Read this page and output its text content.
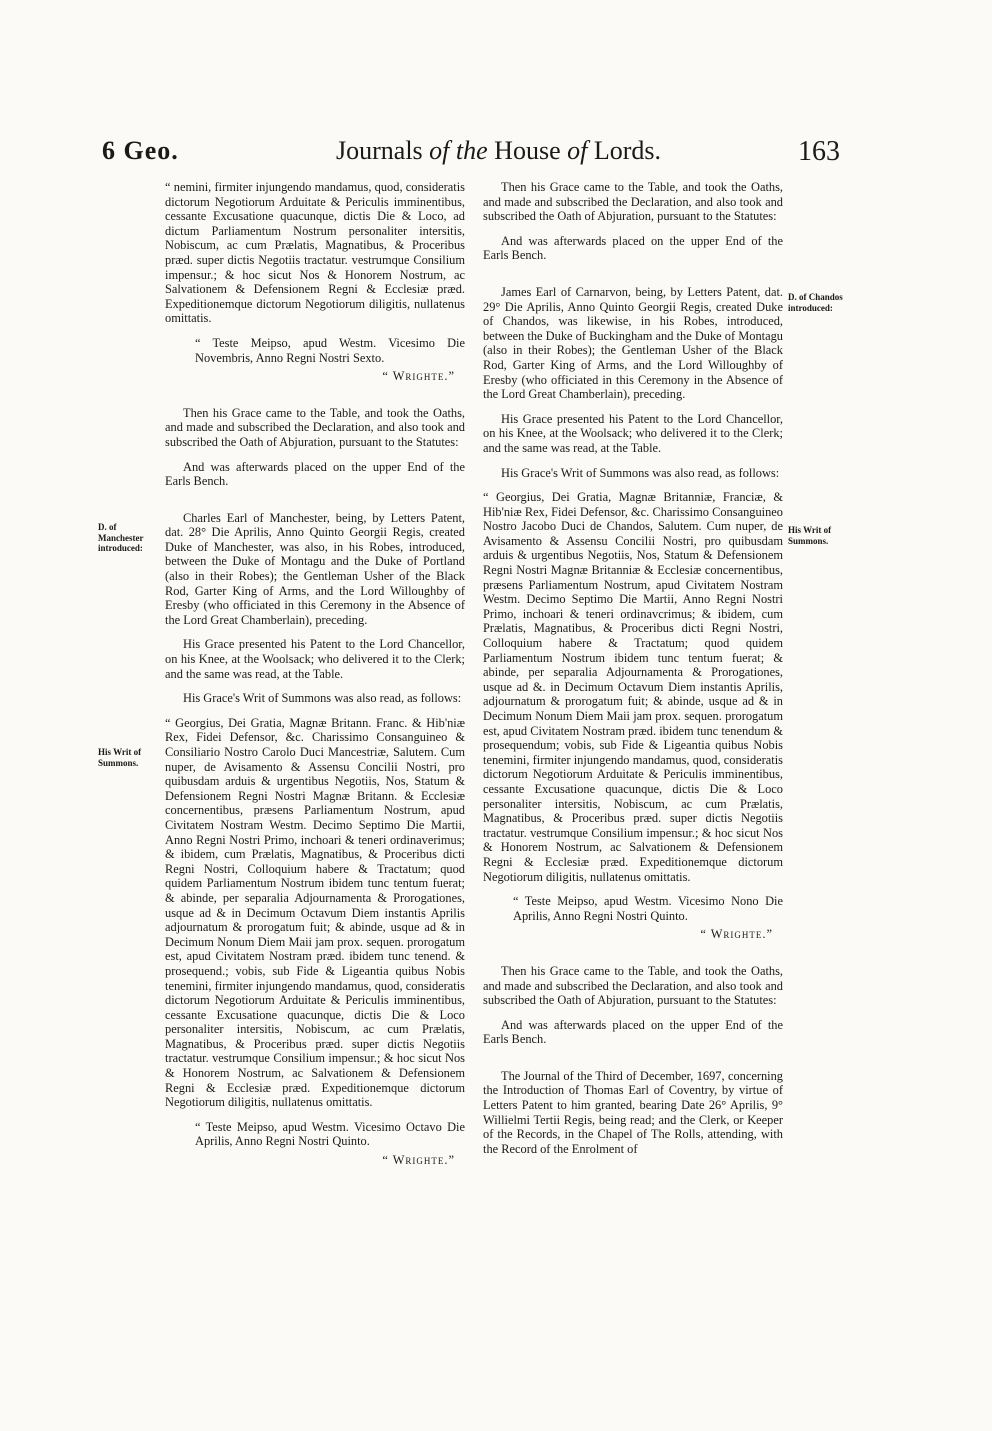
6 Geo.	Journals of the House of Lords.	163
D. of Manchester introduced:
His Writ of Summons.
D. of Chandos introduced:
His Writ of Summons.

“ nemini, firmiter injungendo mandamus, quod, consideratis dictorum Negotiorum Arduitate & Periculis imminentibus, cessante Excusatione quacunque, dictis Die & Loco, ad dictum Parliamentum Nostrum personaliter intersitis, Nobiscum, ac cum Prælatis, Magnatibus, & Proceribus præd. super dictis Negotiis tractatur. vestrumque Consilium impensur.; & hoc sicut Nos & Honorem Nostrum, ac Salvationem & Defensionem Regni & Ecclesiæ præd. Expeditionemque dictorum Negotiorum diligitis, nullatenus omittatis.

“ Teste Meipso, apud Westm. Vicesimo Die Novembris, Anno Regni Nostri Sexto.

“ Wrighte.”

Then his Grace came to the Table, and took the Oaths, and made and subscribed the Declaration, and also took and subscribed the Oath of Abjuration, pursuant to the Statutes:

And was afterwards placed on the upper End of the Earls Bench.

Charles Earl of Manchester, being, by Letters Patent, dat. 28° Die Aprilis, Anno Quinto Georgii Regis, created Duke of Manchester, was also, in his Robes, introduced, between the Duke of Montagu and the Duke of Portland (also in their Robes); the Gentleman Usher of the Black Rod, Garter King of Arms, and the Lord Willoughby of Eresby (who officiated in this Ceremony in the Absence of the Lord Great Chamberlain), preceding.

His Grace presented his Patent to the Lord Chancellor, on his Knee, at the Woolsack; who delivered it to the Clerk; and the same was read, at the Table.

His Grace's Writ of Summons was also read, as follows:

“ Georgius, Dei Gratia, Magnæ Britann. Franc. & Hib'niæ Rex, Fidei Defensor, &c. Charissimo Consanguineo & Consiliario Nostro Carolo Duci Mancestriæ, Salutem. Cum nuper, de Avisamento & Assensu Concilii Nostri, pro quibusdam arduis & urgentibus Negotiis, Nos, Statum & Defensionem Regni Nostri Magnæ Britann. & Ecclesiæ concernentibus, præsens Parliamentum Nostrum, apud Civitatem Nostram Westm. Decimo Septimo Die Martii, Anno Regni Nostri Primo, inchoari & teneri ordinaverimus; & ibidem, cum Prælatis, Magnatibus, & Proceribus dicti Regni Nostri, Colloquium habere & Tractatum; quod quidem Parliamentum Nostrum ibidem tunc tentum fuerat; & abinde, per separalia Adjournamenta & Prorogationes, usque ad & in Decimum Octavum Diem instantis Aprilis adjournatum & prorogatum fuit; & abinde, usque ad & in Decimum Nonum Diem Maii jam prox. sequen. prorogatum est, apud Civitatem Nostram præd. ibidem tunc tenend. & prosequend.; vobis, sub Fide & Ligeantia quibus Nobis tenemini, firmiter injungendo mandamus, quod, consideratis dictorum Negotiorum Arduitate & Periculis imminentibus, cessante Excusatione quacunque, dictis Die & Loco personaliter intersitis, Nobiscum, ac cum Prælatis, Magnatibus, & Proceribus præd. super dictis Negotiis tractatur. vestrumque Consilium impensur.; & hoc sicut Nos & Honorem Nostrum, ac Salvationem & Defensionem Regni & Ecclesiæ præd. Expeditionemque dictorum Negotiorum diligitis, nullatenus omittatis.

“ Teste Meipso, apud Westm. Vicesimo Octavo Die Aprilis, Anno Regni Nostri Quinto.

“ Wrighte.”

Then his Grace came to the Table, and took the Oaths, and made and subscribed the Declaration, and also took and subscribed the Oath of Abjuration, pursuant to the Statutes:

And was afterwards placed on the upper End of the Earls Bench.

James Earl of Carnarvon, being, by Letters Patent, dat. 29° Die Aprilis, Anno Quinto Georgii Regis, created Duke of Chandos, was likewise, in his Robes, introduced, between the Duke of Buckingham and the Duke of Montagu (also in their Robes); the Gentleman Usher of the Black Rod, Garter King of Arms, and the Lord Willoughby of Eresby (who officiated in this Ceremony in the Absence of the Lord Great Chamberlain), preceding.

His Grace presented his Patent to the Lord Chancellor, on his Knee, at the Woolsack; who delivered it to the Clerk; and the same was read, at the Table.

His Grace's Writ of Summons was also read, as follows:

“ Georgius, Dei Gratia, Magnæ Britanniæ, Franciæ, & Hib'niæ Rex, Fidei Defensor, &c. Charissimo Consanguineo Nostro Jacobo Duci de Chandos, Salutem. Cum nuper, de Avisamento & Assensu Concilii Nostri, pro quibusdam arduis & urgentibus Negotiis, Nos, Statum & Defensionem Regni Nostri Magnæ Britanniæ & Ecclesiæ concernentibus, præsens Parliamentum Nostrum, apud Civitatem Nostram Westm. Decimo Septimo Die Martii, Anno Regni Nostri Primo, inchoari & teneri ordinavcrimus; & ibidem, cum Prælatis, Magnatibus, & Proceribus dicti Regni Nostri, Colloquium habere & Tractatum; quod quidem Parliamentum Nostrum ibidem tunc tentum fuerat; & abinde, per separalia Adjournamenta & Prorogationes, usque ad &. in Decimum Octavum Diem instantis Aprilis, adjournatum & prorogatum fuit; & abinde, usque ad & in Decimum Nonum Diem Maii jam prox. sequen. prorogatum est, apud Civitatem Nostram præd. ibidem tunc tenendum & prosequendum; vobis, sub Fide & Ligeantia quibus Nobis tenemini, firmiter injungendo mandamus, quod, consideratis dictorum Negotiorum Arduitate & Periculis imminentibus, cessante Excusatione quacunque, dictis Die & Loco personaliter intersitis, Nobiscum, ac cum Prælatis, Magnatibus, & Proceribus præd. super dictis Negotiis tractatur. vestrumque Consilium impensur.; & hoc sicut Nos & Honorem Nostrum, ac Salvationem & Defensionem Regni & Ecclesiæ præd. Expeditionemque dictorum Negotiorum diligitis, nullatenus omittatis.

“ Teste Meipso, apud Westm. Vicesimo Nono Die Aprilis, Anno Regni Nostri Quinto.

“ Wrighte.”

Then his Grace came to the Table, and took the Oaths, and made and subscribed the Declaration, and also took and subscribed the Oath of Abjuration, pursuant to the Statutes:

And was afterwards placed on the upper End of the Earls Bench.

The Journal of the Third of December, 1697, concerning the Introduction of Thomas Earl of Coventry, by virtue of Letters Patent to him granted, bearing Date 26° Aprilis, 9° Willielmi Tertii Regis, being read; and the Clerk, or Keeper of the Records, in the Chapel of The Rolls, attending, with the Record of the Enrolment of
